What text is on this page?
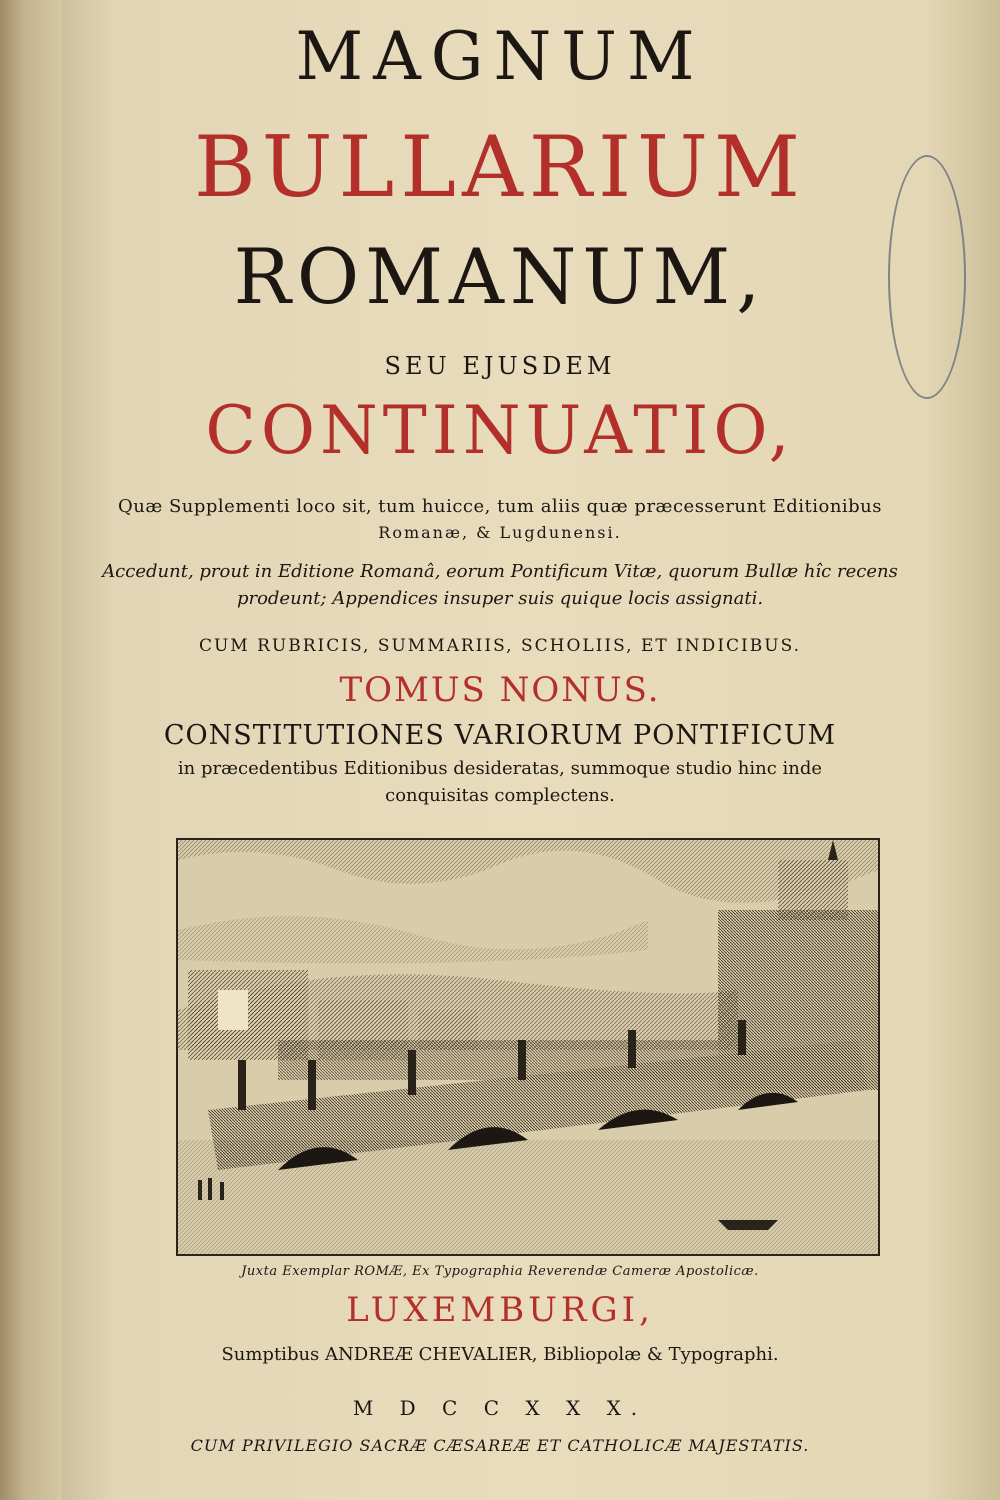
MAGNUM
BULLARIUM
ROMANUM,
SEU EJUSDEM
CONTINUATIO,
Quæ Supplementi loco sit, tum huicce, tum aliis quæ præcesserunt Editionibus
Romanæ, & Lugdunensi.
Accedunt, prout in Editione Romanâ, eorum Pontificum Vitæ, quorum Bullæ hîc recens
prodeunt; Appendices insuper suis quique locis assignati.
CUM RUBRICIS, SUMMARIIS, SCHOLIIS, ET INDICIBUS.
TOMUS NONUS.
CONSTITUTIONES VARIORUM PONTIFICUM
in præcedentibus Editionibus desideratas, summoque studio hinc inde
conquisitas complectens.
Juxta Exemplar ROMÆ, Ex Typographia Reverendæ Cameræ Apostolicæ.
LUXEMBURGI,
Sumptibus ANDREÆ CHEVALIER, Bibliopolæ & Typographi.
M D C C X X X.
CUM PRIVILEGIO SACRÆ CÆSAREÆ ET CATHOLICÆ MAJESTATIS.
